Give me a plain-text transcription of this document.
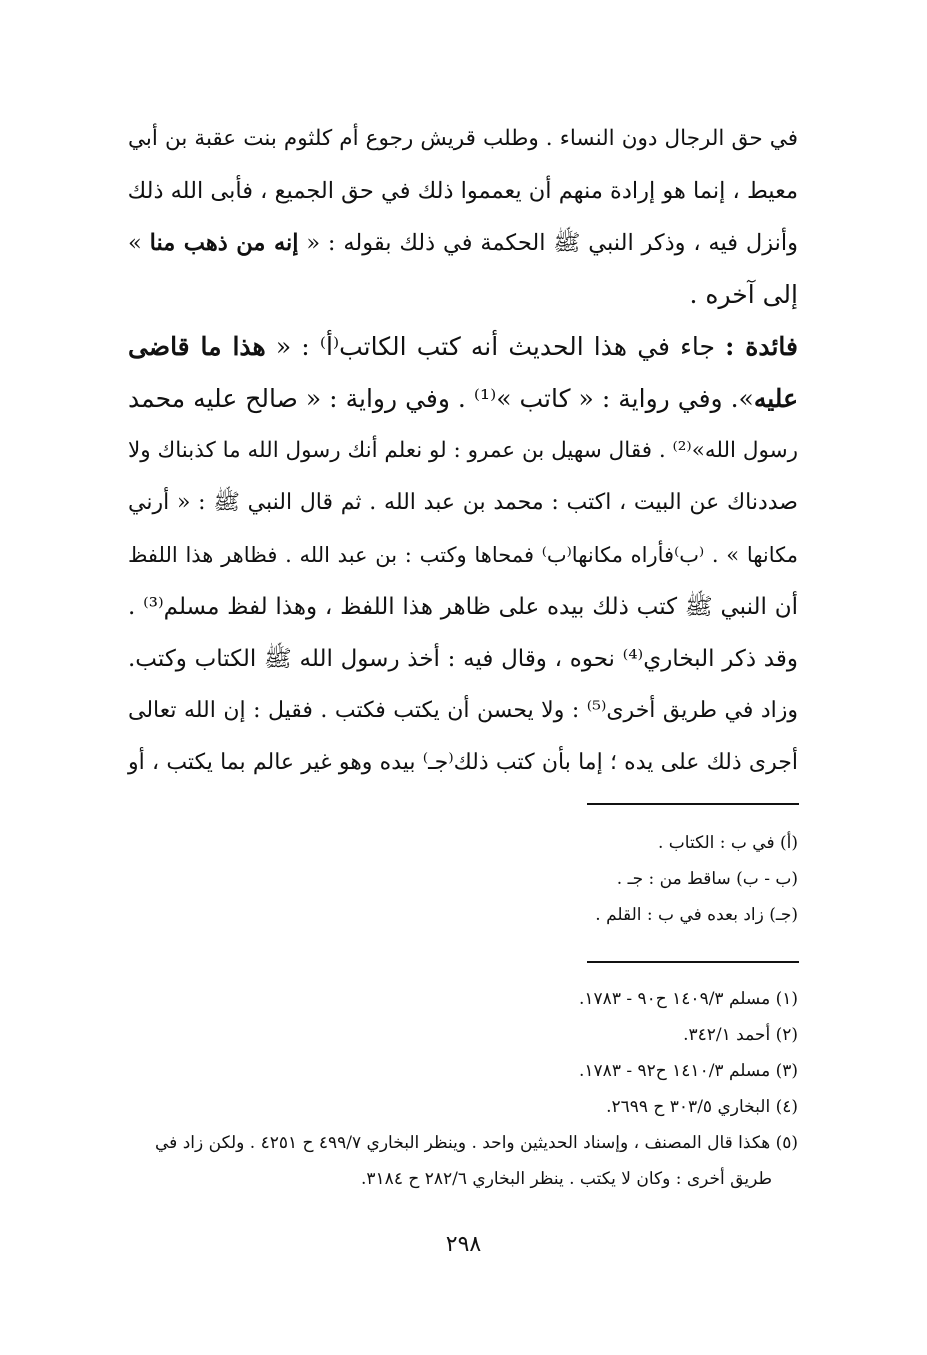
في حق الرجال دون النساء . وطلب قريش رجوع أم كلثوم بنت عقبة بن أبي
معيط ، إنما هو إرادة منهم أن يعمموا ذلك في حق الجميع ، فأبى الله ذلك
وأنزل فيه ، وذكر النبي ﷺ الحكمة في ذلك بقوله : « إنه من ذهب منا »
إلى آخره .
فائدة : جاء في هذا الحديث أنه كتب الكاتب⁽أ⁾ : « هذا ما قاضى
عليه». وفي رواية : « كاتب »⁽¹⁾ . وفي رواية : « صالح عليه محمد
رسول الله»⁽²⁾ . فقال سهيل بن عمرو : لو نعلم أنك رسول الله ما كذبناك ولا
صددناك عن البيت ، اكتب : محمد بن عبد الله . ثم قال النبي ﷺ : « أرني
مكانها » . ⁽ب⁾فأراه مكانها⁽ب⁾ فمحاها وكتب : بن عبد الله . فظاهر هذا اللفظ
أن النبي ﷺ كتب ذلك بيده على ظاهر هذا اللفظ ، وهذا لفظ مسلم⁽³⁾ .
وقد ذكر البخاري⁽⁴⁾ نحوه ، وقال فيه : أخذ رسول الله ﷺ الكتاب وكتب.
وزاد في طريق أخرى⁽⁵⁾ : ولا يحسن أن يكتب فكتب . فقيل : إن الله تعالى
أجرى ذلك على يده ؛ إما بأن كتب ذلك⁽جـ⁾ بيده وهو غير عالم بما يكتب ، أو
(أ) في ب : الكتاب .
(ب - ب) ساقط من : جـ .
(جـ) زاد بعده في ب : القلم .
(١) مسلم ١٤٠٩/٣ ح٩٠ - ١٧٨٣.
(٢) أحمد ٣٤٢/١.
(٣) مسلم ١٤١٠/٣ ح٩٢ - ١٧٨٣.
(٤) البخاري ٣٠٣/٥ ح ٢٦٩٩.
(٥) هكذا قال المصنف ، وإسناد الحديثين واحد . وينظر البخاري ٤٩٩/٧ ح ٤٢٥١ . ولكن زاد في
طريق أخرى : وكان لا يكتب . ينظر البخاري ٢٨٢/٦ ح ٣١٨٤.
٢٩٨
